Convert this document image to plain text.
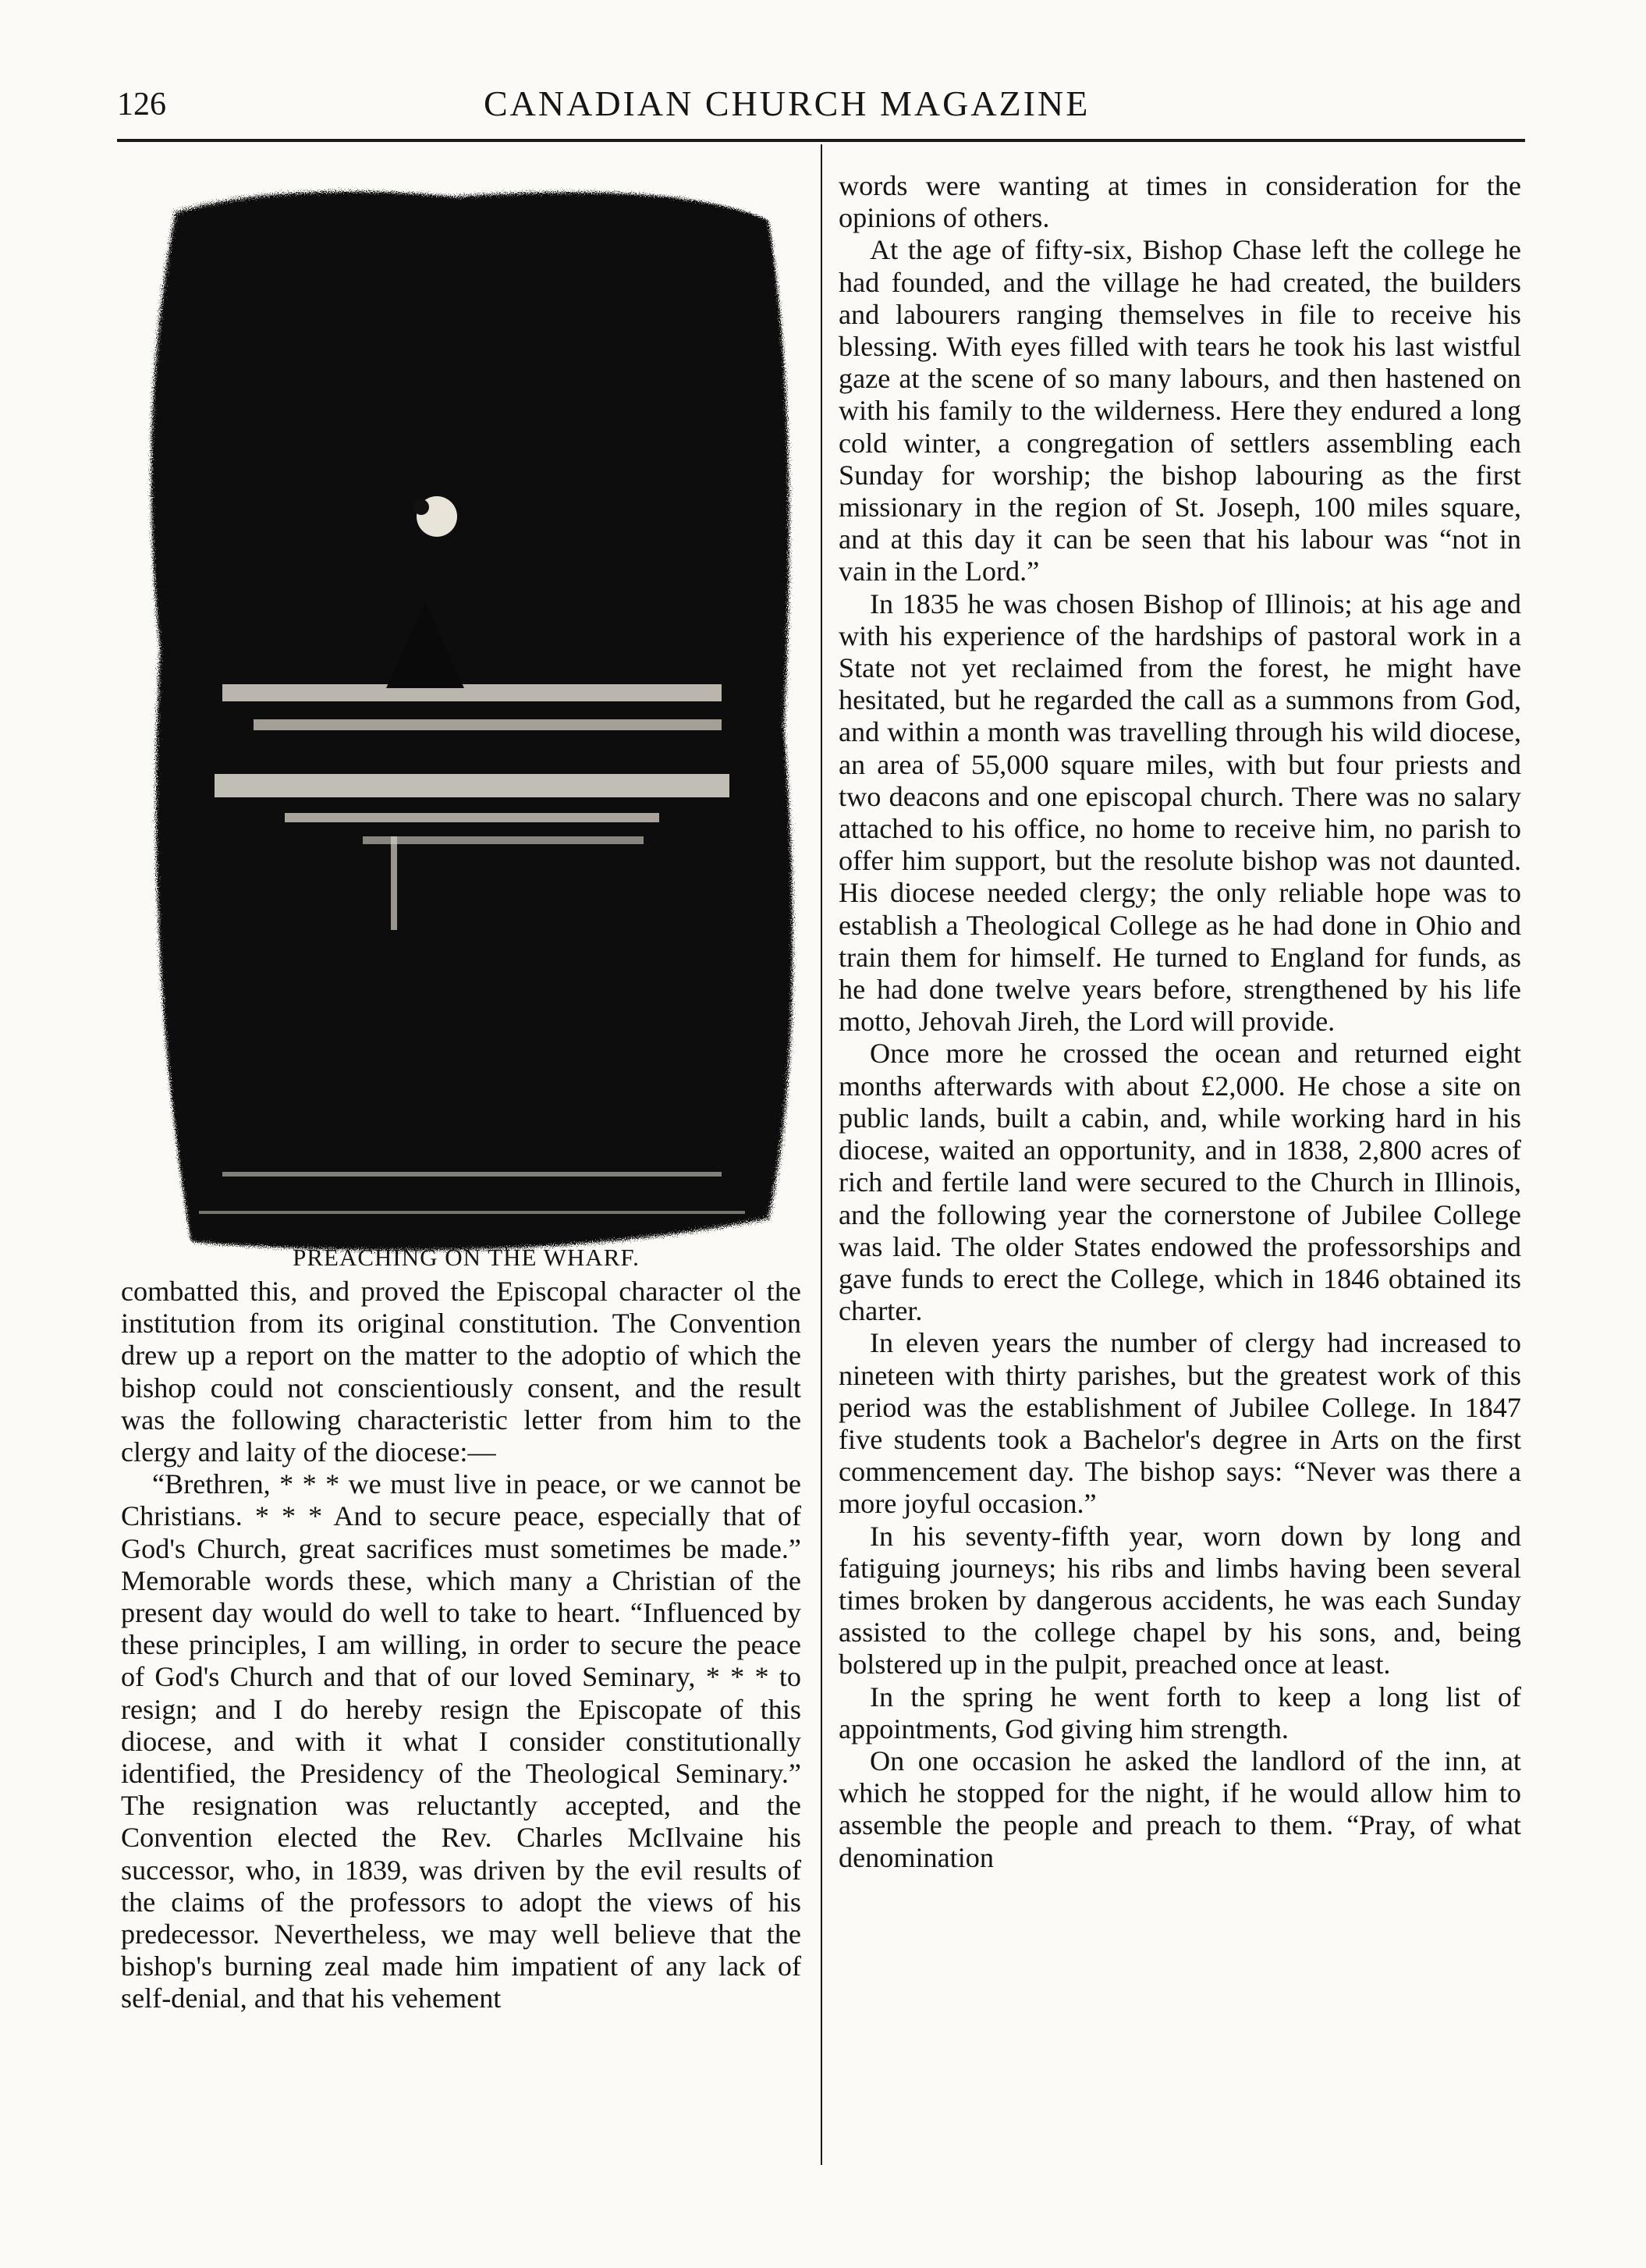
126	CANADIAN CHURCH MAGAZINE
PREACHING ON THE WHARF.

combatted this, and proved the Episcopal character ol the institution from its original constitution. The Convention drew up a report on the matter to the adoptio of which the bishop could not conscientiously consent, and the result was the following characteristic letter from him to the clergy and laity of the diocese:—

“Brethren, * * * we must live in peace, or we cannot be Christians. * * * And to secure peace, especially that of God's Church, great sacrifices must sometimes be made.” Memorable words these, which many a Christian of the present day would do well to take to heart. “Influenced by these principles, I am willing, in order to secure the peace of God's Church and that of our loved Seminary, * * * to resign; and I do hereby resign the Episcopate of this diocese, and with it what I consider constitutionally identified, the Presidency of the Theological Seminary.” The resignation was reluctantly accepted, and the Convention elected the Rev. Charles McIlvaine his successor, who, in 1839, was driven by the evil results of the claims of the professors to adopt the views of his predecessor. Nevertheless, we may well believe that the bishop's burning zeal made him impatient of any lack of self-denial, and that his vehement

words were wanting at times in consideration for the opinions of others.

At the age of fifty-six, Bishop Chase left the college he had founded, and the village he had created, the builders and labourers ranging themselves in file to receive his blessing. With eyes filled with tears he took his last wistful gaze at the scene of so many labours, and then hastened on with his family to the wilderness. Here they endured a long cold winter, a congregation of settlers assembling each Sunday for worship; the bishop labouring as the first missionary in the region of St. Joseph, 100 miles square, and at this day it can be seen that his labour was “not in vain in the Lord.”

In 1835 he was chosen Bishop of Illinois; at his age and with his experience of the hardships of pastoral work in a State not yet reclaimed from the forest, he might have hesitated, but he regarded the call as a summons from God, and within a month was travelling through his wild diocese, an area of 55,000 square miles, with but four priests and two deacons and one episcopal church. There was no salary attached to his office, no home to receive him, no parish to offer him support, but the resolute bishop was not daunted. His diocese needed clergy; the only reliable hope was to establish a Theological College as he had done in Ohio and train them for himself. He turned to England for funds, as he had done twelve years before, strengthened by his life motto, Jehovah Jireh, the Lord will provide.

Once more he crossed the ocean and returned eight months afterwards with about £2,000. He chose a site on public lands, built a cabin, and, while working hard in his diocese, waited an opportunity, and in 1838, 2,800 acres of rich and fertile land were secured to the Church in Illinois, and the following year the cornerstone of Jubilee College was laid. The older States endowed the professorships and gave funds to erect the College, which in 1846 obtained its charter.

In eleven years the number of clergy had increased to nineteen with thirty parishes, but the greatest work of this period was the establishment of Jubilee College. In 1847 five students took a Bachelor's degree in Arts on the first commencement day. The bishop says: “Never was there a more joyful occasion.”

In his seventy-fifth year, worn down by long and fatiguing journeys; his ribs and limbs having been several times broken by dangerous accidents, he was each Sunday assisted to the college chapel by his sons, and, being bolstered up in the pulpit, preached once at least.

In the spring he went forth to keep a long list of appointments, God giving him strength.

On one occasion he asked the landlord of the inn, at which he stopped for the night, if he would allow him to assemble the people and preach to them. “Pray, of what denomination
